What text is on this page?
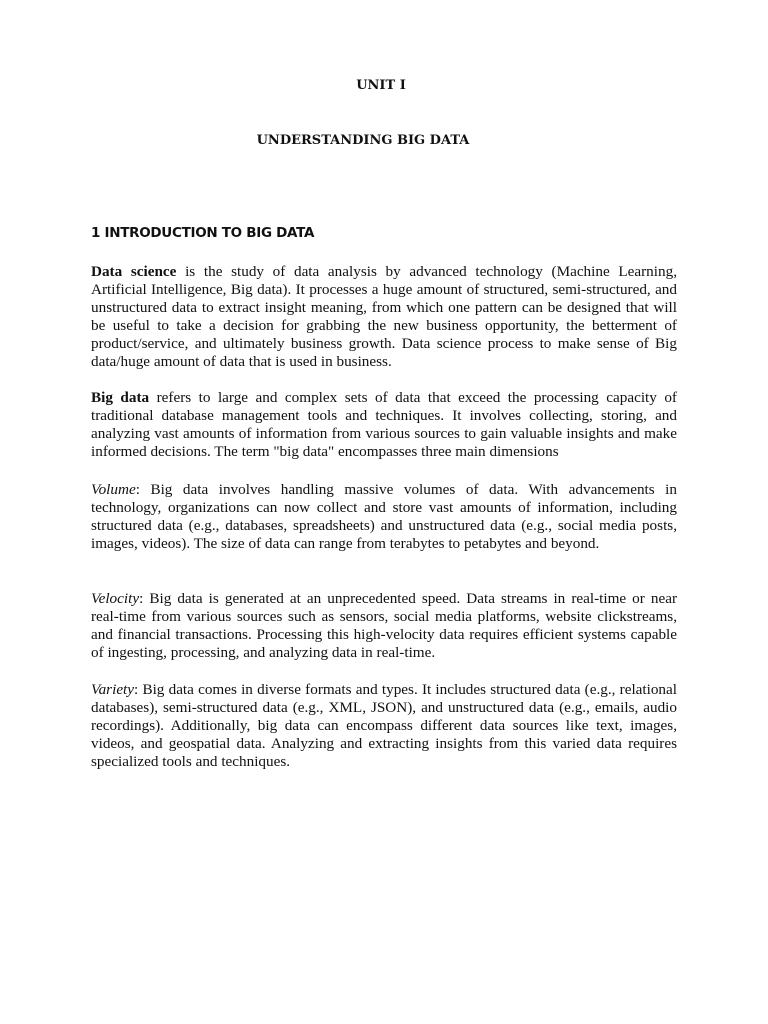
UNIT I
UNDERSTANDING BIG DATA
1 INTRODUCTION TO BIG DATA

Data science is the study of data analysis by advanced technology (Machine Learning, Artificial Intelligence, Big data). It processes a huge amount of structured, semi-structured, and unstructured data to extract insight meaning, from which one pattern can be designed that will be useful to take a decision for grabbing the new business opportunity, the betterment of product/service, and ultimately business growth. Data science process to make sense of Big data/huge amount of data that is used in business.

Big data refers to large and complex sets of data that exceed the processing capacity of traditional database management tools and techniques. It involves collecting, storing, and analyzing vast amounts of information from various sources to gain valuable insights and make informed decisions. The term "big data" encompasses three main dimensions

Volume: Big data involves handling massive volumes of data. With advancements in technology, organizations can now collect and store vast amounts of information, including structured data (e.g., databases, spreadsheets) and unstructured data (e.g., social media posts, images, videos). The size of data can range from terabytes to petabytes and beyond.

Velocity: Big data is generated at an unprecedented speed. Data streams in real-time or near real-time from various sources such as sensors, social media platforms, website clickstreams, and financial transactions. Processing this high-velocity data requires efficient systems capable of ingesting, processing, and analyzing data in real-time.

Variety: Big data comes in diverse formats and types. It includes structured data (e.g., relational databases), semi-structured data (e.g., XML, JSON), and unstructured data (e.g., emails, audio recordings). Additionally, big data can encompass different data sources like text, images, videos, and geospatial data. Analyzing and extracting insights from this varied data requires specialized tools and techniques.
